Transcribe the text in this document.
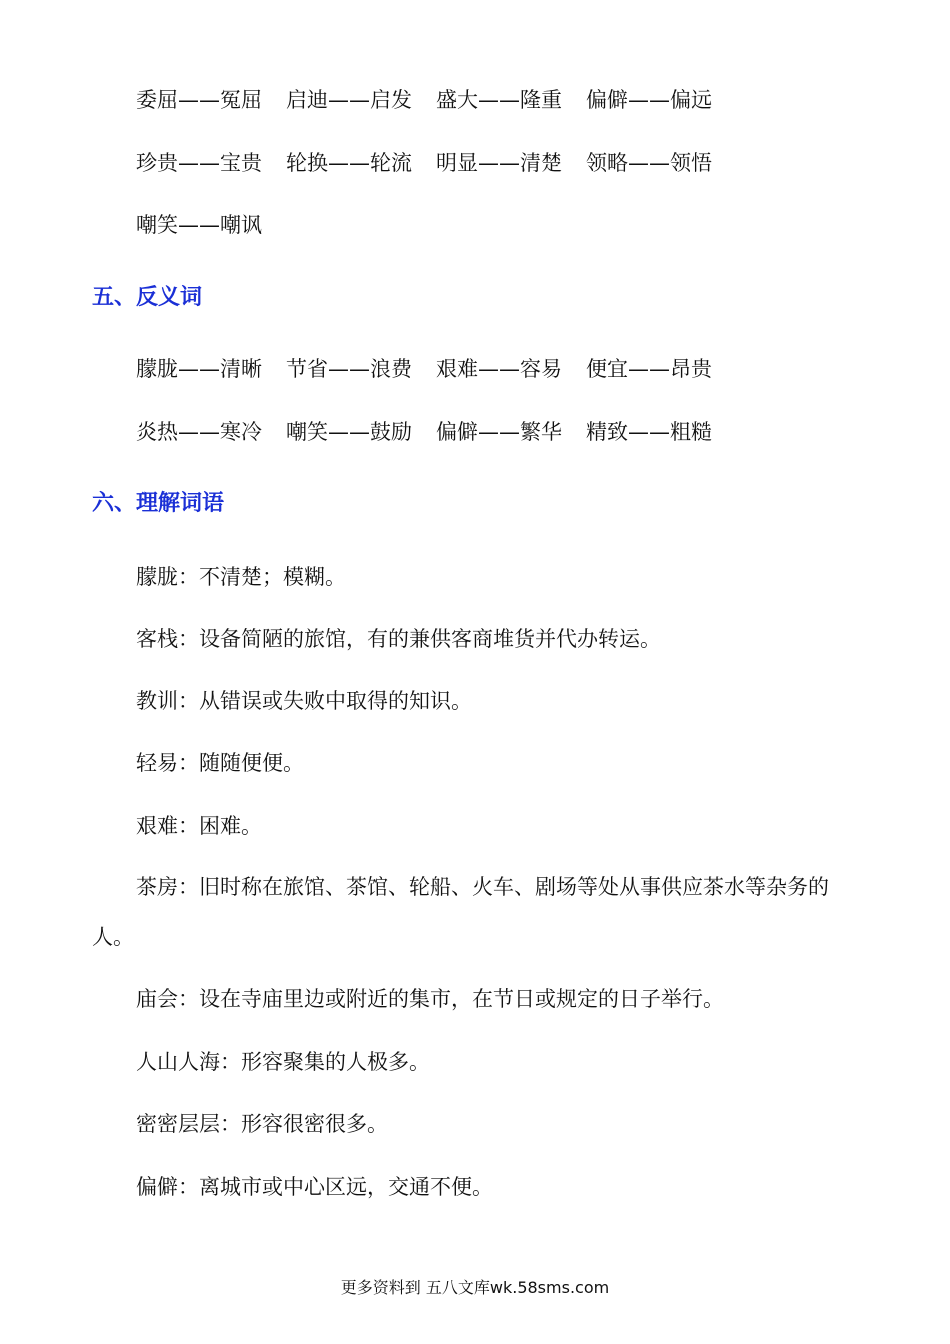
委屈——冤屈 启迪——启发 盛大——隆重 偏僻——偏远
珍贵——宝贵 轮换——轮流 明显——清楚 领略——领悟
嘲笑——嘲讽
五、反义词
朦胧——清晰 节省——浪费 艰难——容易 便宜——昂贵
炎热——寒冷 嘲笑——鼓励 偏僻——繁华 精致——粗糙
六、理解词语
朦胧：不清楚；模糊。
客栈：设备简陋的旅馆，有的兼供客商堆货并代办转运。
教训：从错误或失败中取得的知识。
轻易：随随便便。
艰难：困难。
茶房：旧时称在旅馆、茶馆、轮船、火车、剧场等处从事供应茶水等杂务的人。
庙会：设在寺庙里边或附近的集市，在节日或规定的日子举行。
人山人海：形容聚集的人极多。
密密层层：形容很密很多。
偏僻：离城市或中心区远，交通不便。
更多资料到 五八文库wk.58sms.com
